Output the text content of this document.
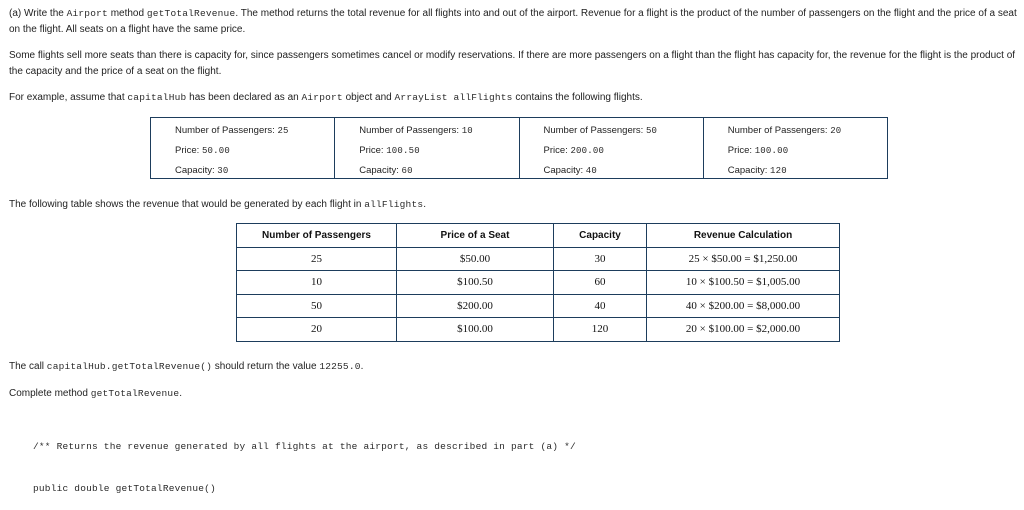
(a) Write the Airport method getTotalRevenue. The method returns the total revenue for all flights into and out of the airport. Revenue for a flight is the product of the number of passengers on the flight and the price of a seat on the flight. All seats on a flight have the same price.
Some flights sell more seats than there is capacity for, since passengers sometimes cancel or modify reservations. If there are more passengers on a flight than the flight has capacity for, the revenue for the flight is the product of the capacity and the price of a seat on the flight.
For example, assume that capitalHub has been declared as an Airport object and ArrayList allFlights contains the following flights.
Number of Passengers: 25
Price: 50.00
Capacity: 30
Number of Passengers: 10
Price: 100.50
Capacity: 60
Number of Passengers: 50
Price: 200.00
Capacity: 40
Number of Passengers: 20
Price: 100.00
Capacity: 120
The following table shows the revenue that would be generated by each flight in allFlights.
Number of Passengers	Price of a Seat	Capacity	Revenue Calculation
25	$50.00	30	25 × $50.00 = $1,250.00
10	$100.50	60	10 × $100.50 = $1,005.00
50	$200.00	40	40 × $200.00 = $8,000.00
20	$100.00	120	20 × $100.00 = $2,000.00
The call capitalHub.getTotalRevenue() should return the value 12255.0.
Complete method getTotalRevenue.

/** Returns the revenue generated by all flights at the airport, as described in part (a) */

public double getTotalRevenue()
